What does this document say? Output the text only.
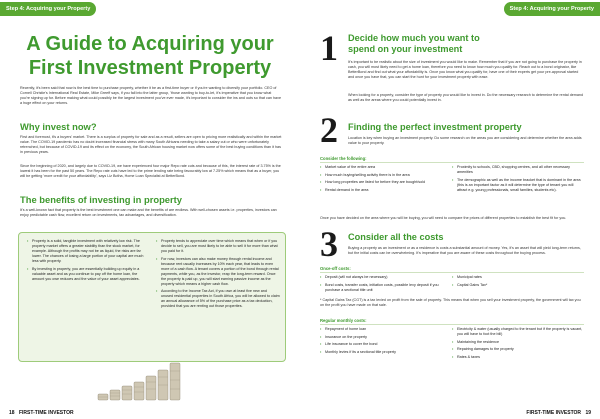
Step 4: Acquiring your Property
A Guide to Acquiring your
First Investment Property

Recently, it's been said that now is the best time to purchase property, whether it be as a first-time buyer or if you're wanting to diversify your portfolio. CEO of Cornell Christie's International Real Estate, Mike Greeff says, if you fall into the latter group, 'those wanting to buy-to-let, it's imperative that you know what you're signing up for. Before making what could possibly be the largest investment you've ever made, it's important to consider the ins and outs so that can have a huge effect on your returns.

Why invest now?

First and foremost, it's a buyers' market. There is a surplus of property for sale and as a result, sellers are open to pricing more realistically and within the market value. The COVID-19 pandemic has no doubt increased financial stress with many South Africans needing to take a salary cut or who were unfortunately retrenched, but because of COVID-19 and its effect on the economy, the South African housing market now offers some of the best buying conditions than it has in previous years.

Since the beginning of 2020, and largely due to COVID-19, we have experienced four major Repo rate cuts and because of this, the interest rate of 3.75% is the lowest it has been for the past 50 years. The Repo rate cuts have led to the prime lending rate being favourably low at 7.25% which means that as a buyer, you will be getting 'more credit for your affordability', says Liz Botha, Home Loan Specialist at BetterBond.

The benefits of investing in property

It's a well-known fact that property is the best investment one can make and the benefits of are endless. With well-chosen assets i.e. properties, investors can enjoy predictable cash flow, excellent return on investments, tax advantages, and diversification.

• Property is a solid, tangible investment with relatively low risk. The property market offers a greater stability than the stock market, for example. Although the profits may not be as liquid, the risks are far lower. The chances of losing a large portion of your capital are much less with property.
• By investing in property, you are essentially building up equity in a valuable asset and as you continue to pay off the home loan, the amount you owe reduces and the value of your asset appreciates.
• Property tends to appreciate over time which means that when or if you decide to sell, you are most likely to be able to sell it for more than what you paid for it.
• For now, investors can also make money through rental income and because rent usually increases by 10% each year, that leads to even more of a cash flow. A tenant covers a portion of the bond through rental payments, while you, as the investor, reap the long-term reward. Once the property is paid up, you will start earning passive income as the property which means a higher cash flow.
• According to the Income Tax Act, if you own at least five new and unused residential properties in South Africa, you will be allowed to claim an annual allowance of 5% of the purchase price as a tax deduction, provided that you are renting out those properties.
18 FIRST-TIME INVESTOR
Step 4: Acquiring your Property
1 Decide how much you want to
spend on your investment

It's important to be realistic about the size of investment you would like to make. Remember that if you are not going to purchase the property in cash, you will most likely need to get a home loan, therefore you need to know how much you qualify for. Reach out to a bond originator, like BetterBond and find out what your affordability is. Once you know what you qualify for, have one of their experts get your pre-approval started and once you have that, you can start the hunt for your investment property with ease.

When looking for a property, consider the type of property you would like to invest in. Do the necessary research to determine the rental demand as well as the areas where you could potentially invest in.

2 Finding the perfect investment property

Location is key when buying an investment property. Do some research on the areas you are considering and determine whether the area adds value to your property.

Consider the following:
• Market value of the entire area
• How much buying/selling activity there is in the area
• How long properties are listed for before they are bought/sold
• Rental demand in the area
• Proximity to schools, CBD, shopping centres, and all other necessary amenities
• The demographic as well as the income bracket that is dominant in the area (this is an important factor as it will determine the type of tenant you will attract e.g. young professionals, small families, students etc).

Once you have decided on the area where you will be buying, you will need to compare the prices of different properties to establish the best fit for you.

3 Consider all the costs

Buying a property as an investment or as a residence is costs a substantial amount of money. Yes, it's an asset that will yield long-term returns, but the initial costs can be overwhelming. It's imperative that you are aware of these costs throughout the buying process.

Once-off costs:
• Deposit (will not always be necessary)
• Bond costs, transfer costs, initiation costs, possible levy deposit if you purchase a sectional title unit
• Municipal rates
• Capital Gains Tax*

* Capital Gains Tax (CGT) is a tax levied on profit from the sale of property. This means that when you sell your investment property, the government will tax you on the profit you have made on that sale.

Regular monthly costs:
• Repayment of home loan
• Insurance on the property
• Life insurance to cover the bond
• Monthly levies if its a sectional title property
• Electricity & water (usually charged to the tenant but if the property is vacant, you will have to foot the bill)
• Maintaining the residence
• Repairing damages to the property
• Rates & taxes
FIRST-TIME INVESTOR 19
